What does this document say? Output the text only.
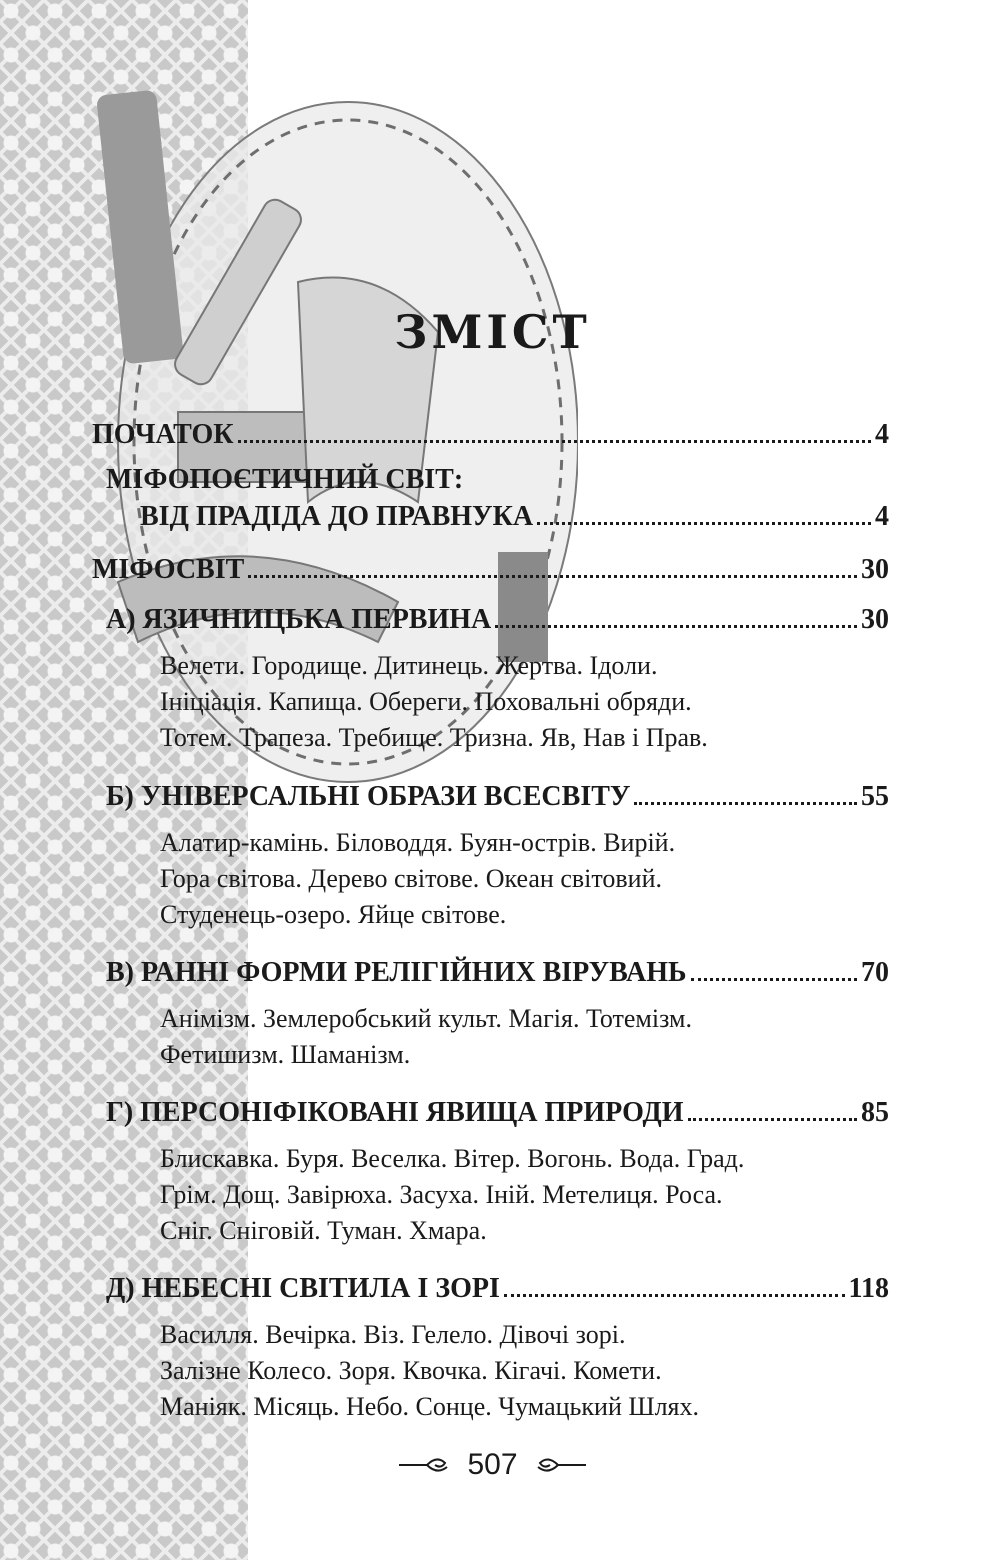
ЗМІСТ
ПОЧАТОК	4
МІФОПОЄТИЧНИЙ СВІТ:
ВІД ПРАДІДА ДО ПРАВНУКА	4
МІФОСВІТ	30
А) ЯЗИЧНИЦЬКА ПЕРВИНА	30

Велети. Городище. Дитинець. Жертва. Ідоли.
Ініціація. Капища. Обереги. Поховальні обряди.
Тотем. Трапеза. Требище. Тризна. Яв, Нав і Прав.

Б) УНІВЕРСАЛЬНІ ОБРАЗИ ВСЕСВІТУ	55

Алатир-камінь. Біловоддя. Буян-острів. Вирій.
Гора світова. Дерево світове. Океан світовий.
Студенець-озеро. Яйце світове.

В) РАННІ ФОРМИ РЕЛІГІЙНИХ ВІРУВАНЬ	70

Анімізм. Землеробський культ. Магія. Тотемізм.
Фетишизм. Шаманізм.

Г) ПЕРСОНІФІКОВАНІ ЯВИЩА ПРИРОДИ	85

Блискавка. Буря. Веселка. Вітер. Вогонь. Вода. Град.
Грім. Дощ. Завірюха. Засуха. Іній. Метелиця. Роса.
Сніг. Сніговій. Туман. Хмара.

Д) НЕБЕСНІ СВІТИЛА І ЗОРІ	118

Василля. Вечірка. Віз. Гелело. Дівочі зорі.
Залізне Колесо. Зоря. Квочка. Кігачі. Комети.
Маніяк. Місяць. Небо. Сонце. Чумацький Шлях.

507
